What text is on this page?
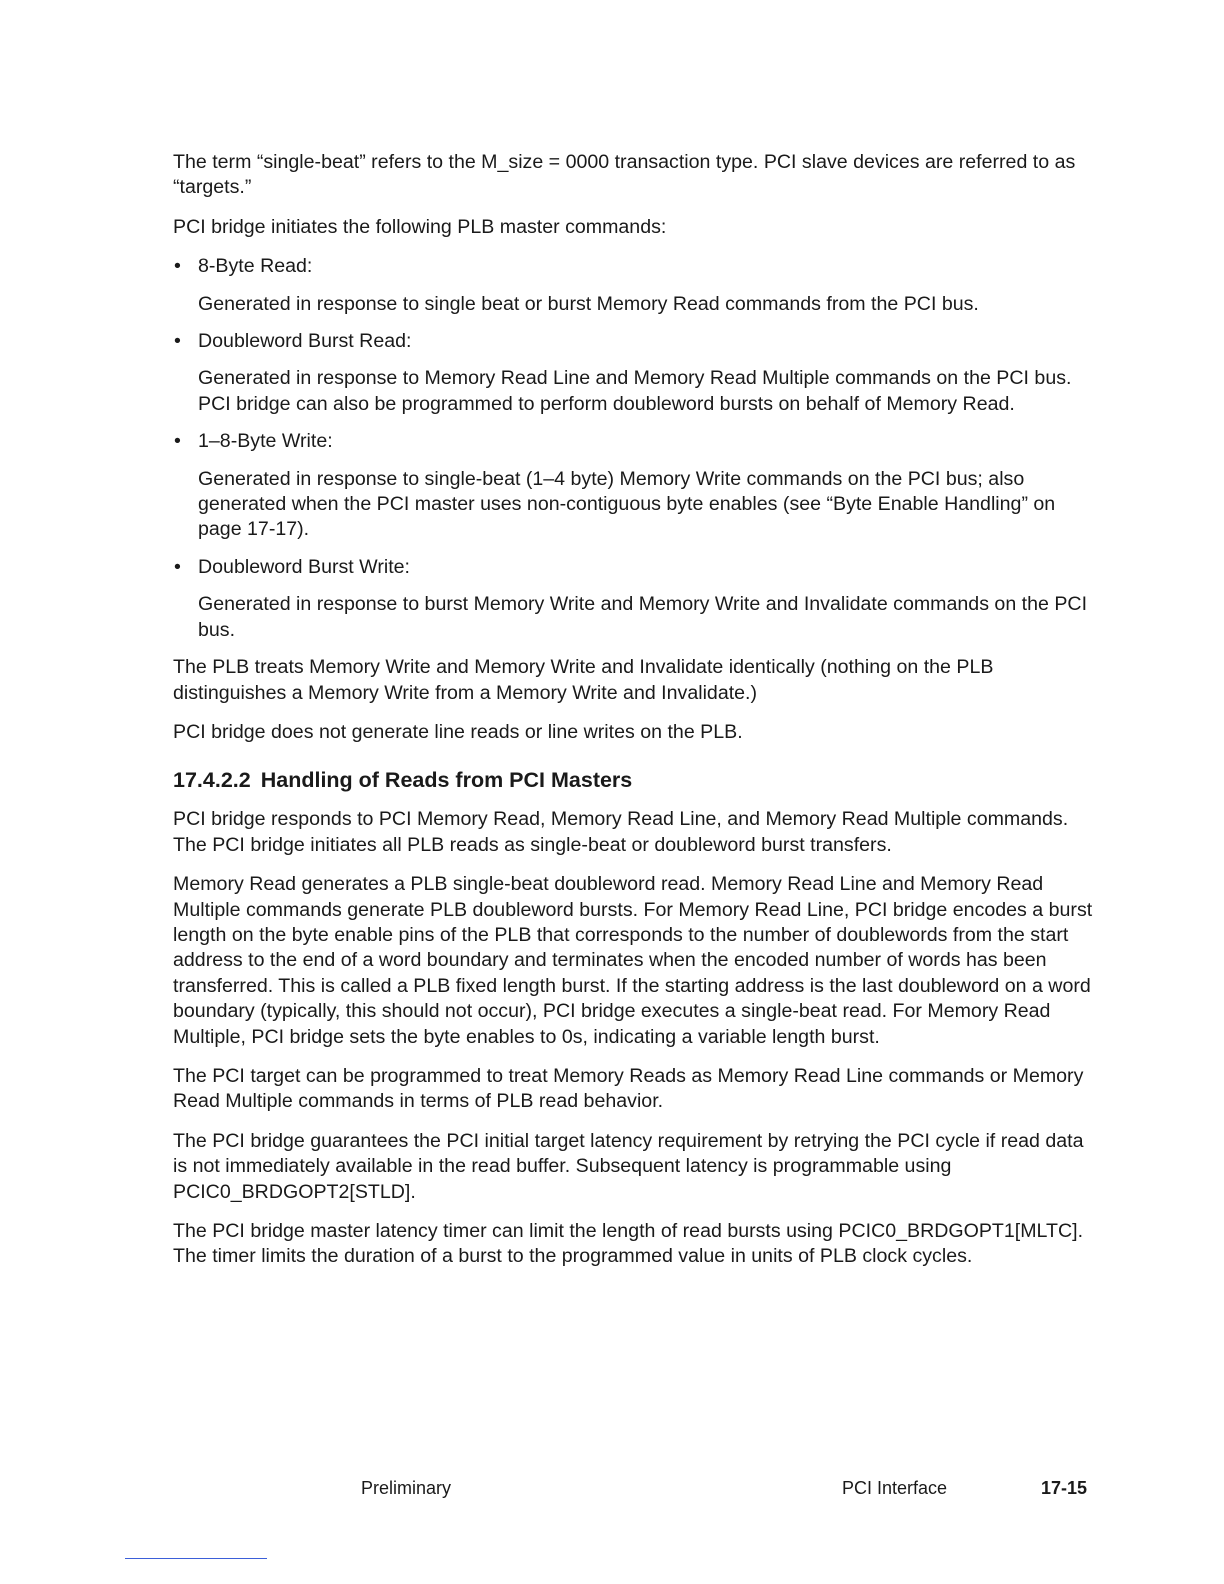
The term “single-beat” refers to the M_size = 0000 transaction type. PCI slave devices are referred to as “targets.”

PCI bridge initiates the following PLB master commands:

• 8-Byte Read:
Generated in response to single beat or burst Memory Read commands from the PCI bus.
• Doubleword Burst Read:
Generated in response to Memory Read Line and Memory Read Multiple commands on the PCI bus. PCI bridge can also be programmed to perform doubleword bursts on behalf of Memory Read.
• 1–8-Byte Write:
Generated in response to single-beat (1–4 byte) Memory Write commands on the PCI bus; also generated when the PCI master uses non-contiguous byte enables (see “Byte Enable Handling” on page 17-17).
• Doubleword Burst Write:
Generated in response to burst Memory Write and Memory Write and Invalidate commands on the PCI bus.

The PLB treats Memory Write and Memory Write and Invalidate identically (nothing on the PLB distinguishes a Memory Write from a Memory Write and Invalidate.)

PCI bridge does not generate line reads or line writes on the PLB.

17.4.2.2 Handling of Reads from PCI Masters

PCI bridge responds to PCI Memory Read, Memory Read Line, and Memory Read Multiple commands. The PCI bridge initiates all PLB reads as single-beat or doubleword burst transfers.

Memory Read generates a PLB single-beat doubleword read. Memory Read Line and Memory Read Multiple commands generate PLB doubleword bursts. For Memory Read Line, PCI bridge encodes a burst length on the byte enable pins of the PLB that corresponds to the number of doublewords from the start address to the end of a word boundary and terminates when the encoded number of words has been transferred. This is called a PLB fixed length burst. If the starting address is the last doubleword on a word boundary (typically, this should not occur), PCI bridge executes a single-beat read. For Memory Read Multiple, PCI bridge sets the byte enables to 0s, indicating a variable length burst.

The PCI target can be programmed to treat Memory Reads as Memory Read Line commands or Memory Read Multiple commands in terms of PLB read behavior.

The PCI bridge guarantees the PCI initial target latency requirement by retrying the PCI cycle if read data is not immediately available in the read buffer. Subsequent latency is programmable using PCIC0_BRDGOPT2[STLD].

The PCI bridge master latency timer can limit the length of read bursts using PCIC0_BRDGOPT1[MLTC]. The timer limits the duration of a burst to the programmed value in units of PLB clock cycles.

Preliminary	PCI Interface	17-15
